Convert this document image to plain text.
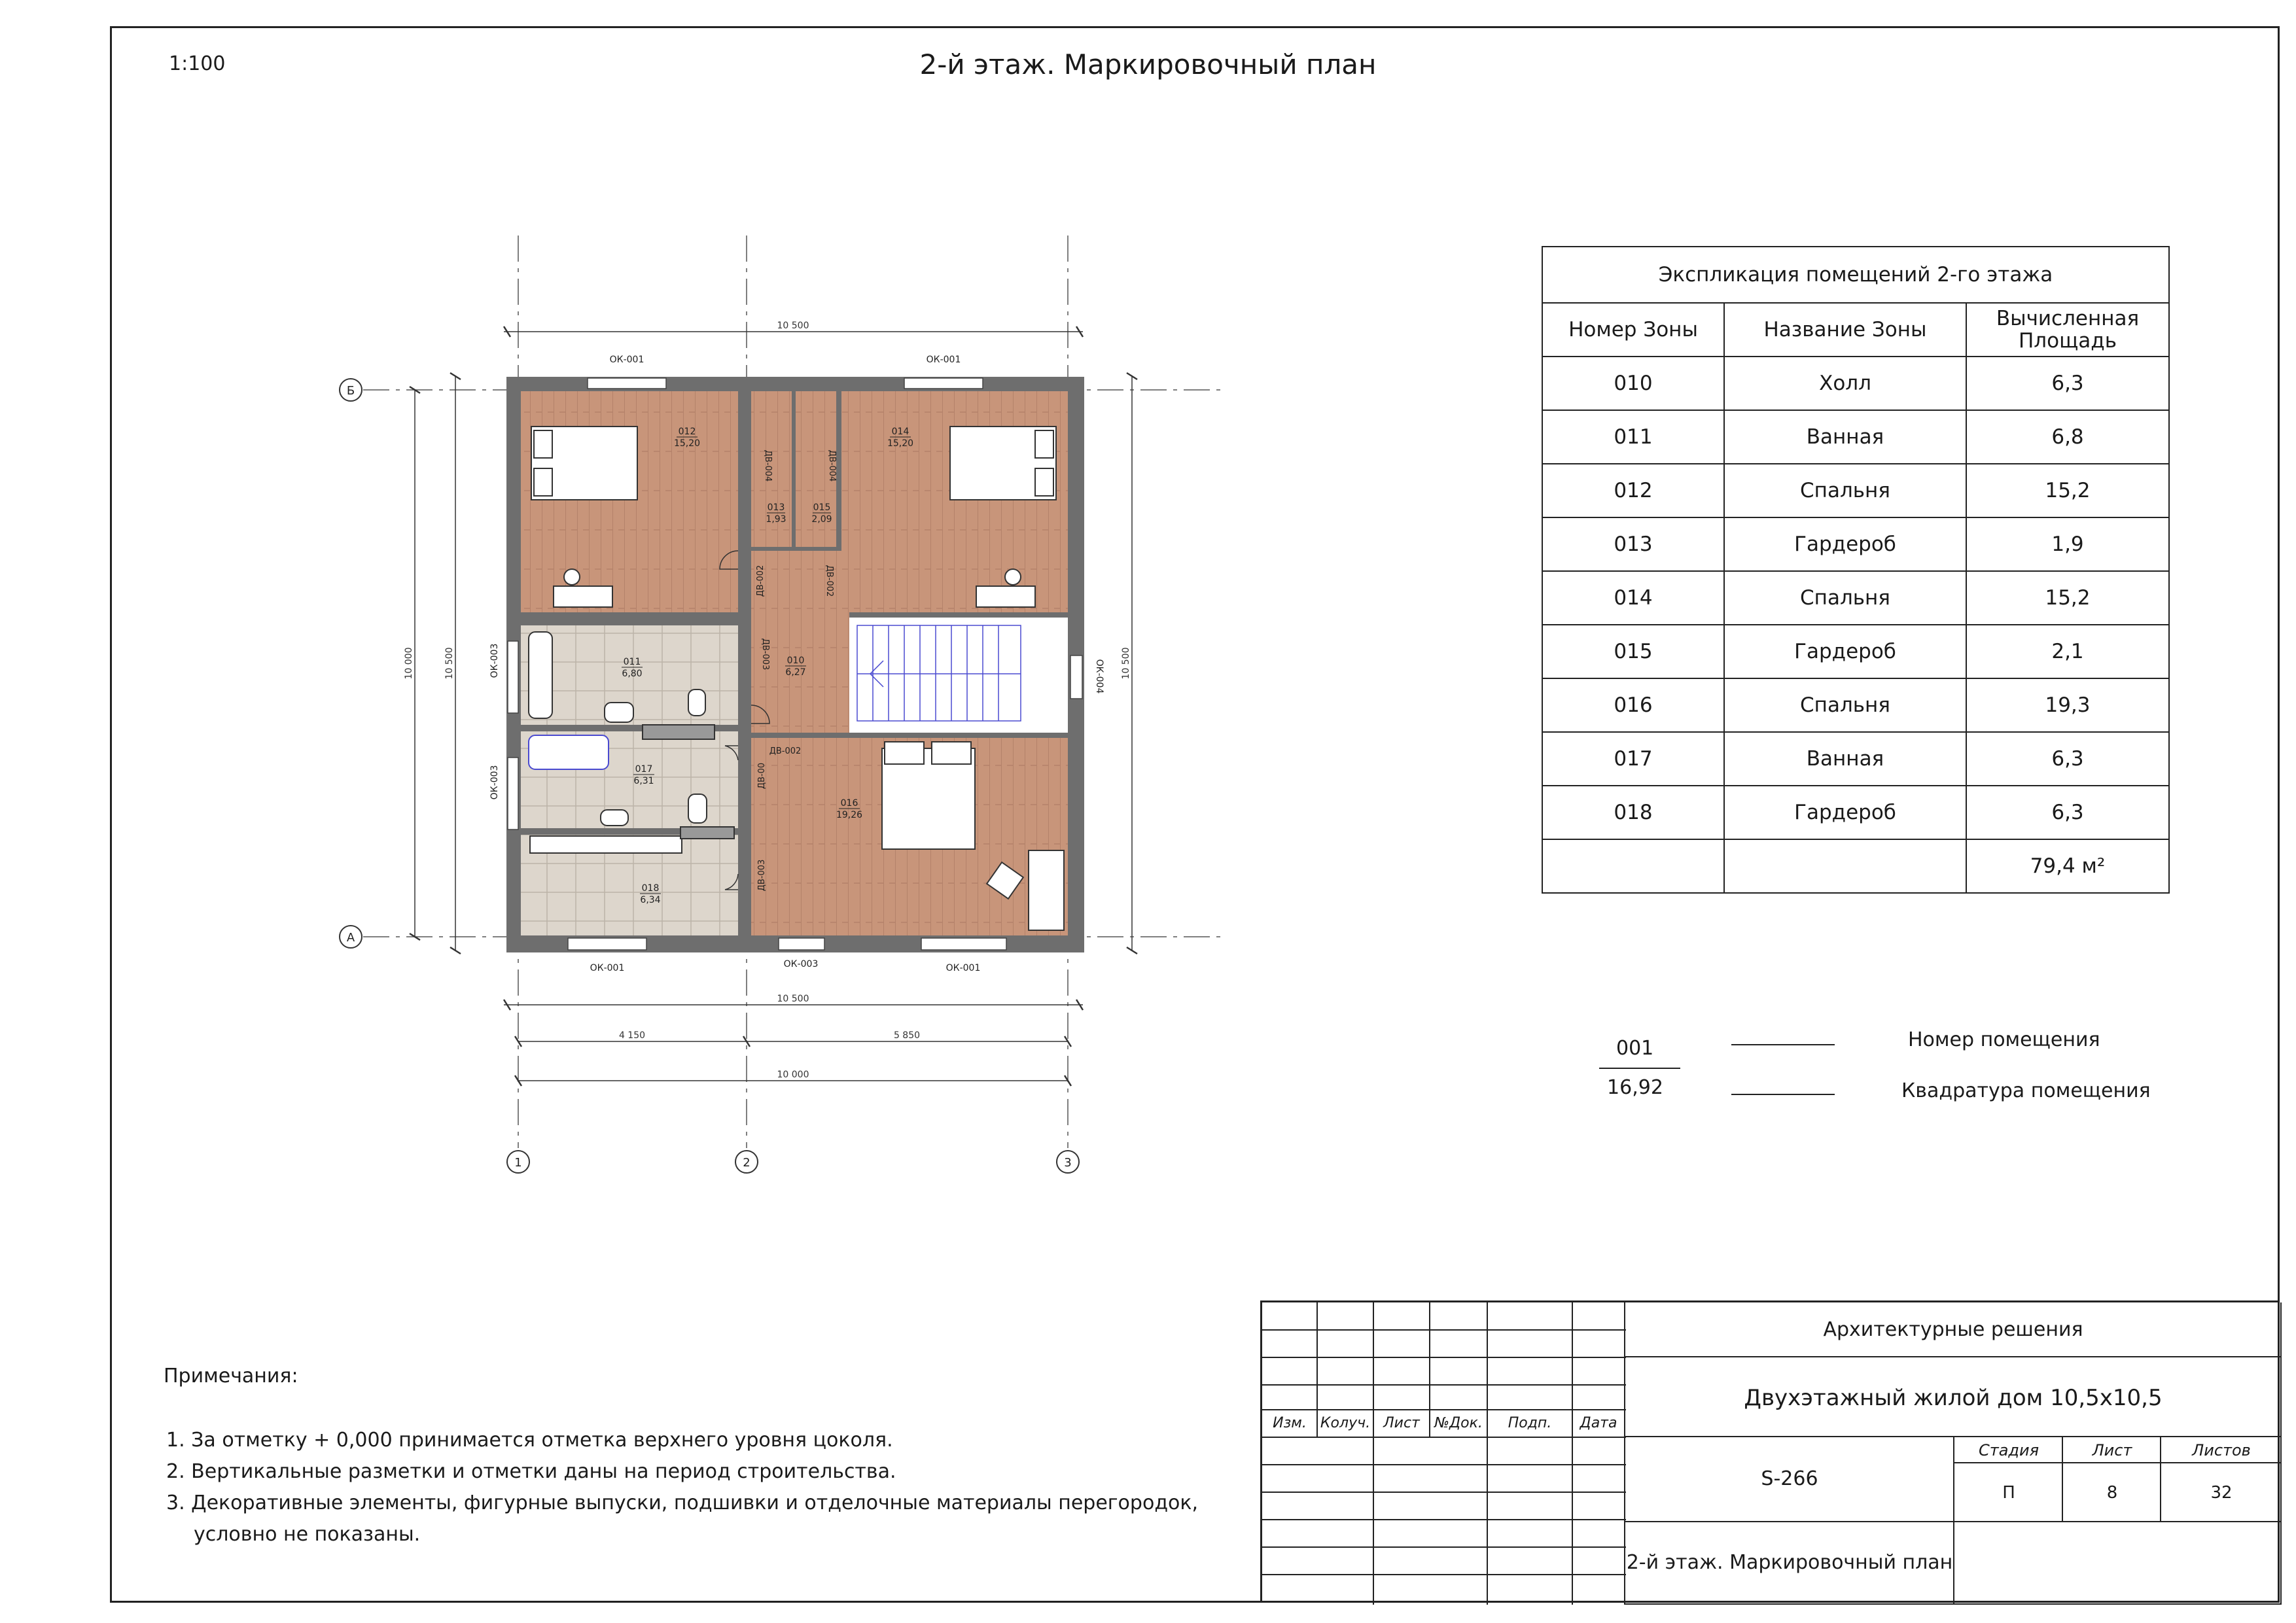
1:100	2-й этаж. Маркировочный план
10 500
10 500
4 150	5 850
10 000
10 000	10 500	10 500
Б
А
1	2	3
ОК-001	ОК-001
ОК-001	ОК-003	ОК-001
ОК-003
ОК-003
ОК-004
ДВ-004	ДВ-004
ДВ-002	ДВ-002
ДВ-003
ДВ-002
ДВ-00
ДВ-003
012
15,20
013
1,93
015
2,09
014
15,20
011
6,80
010
6,27
017
6,31
016
19,26
018
6,34
Экспликация помещений 2-го этажа		
Номер Зоны	Название Зоны	Вычисленная Площадь
010	Холл	6,3
011	Ванная	6,8
012	Спальня	15,2
013	Гардероб	1,9
014	Спальня	15,2
015	Гардероб	2,1
016	Спальня	19,3
017	Ванная	6,3
018	Гардероб	6,3
		79,4 м²
001
16,92
Номер помещения
Квадратура помещения
Примечания:
1. За отметку + 0,000 принимается отметка верхнего уровня цоколя.
2. Вертикальные разметки и отметки даны на период строительства.
3. Декоративные элементы, фигурные выпуски, подшивки и отделочные материалы перегородок,
условно не показаны.
Изм. Колуч. Лист	№Док.	Подп.	Дата
Архитектурные решения
Двухэтажный жилой дом 10,5х10,5
S-266
Стадия	Лист	Листов
П	8	32
2-й этаж. Маркировочный план
